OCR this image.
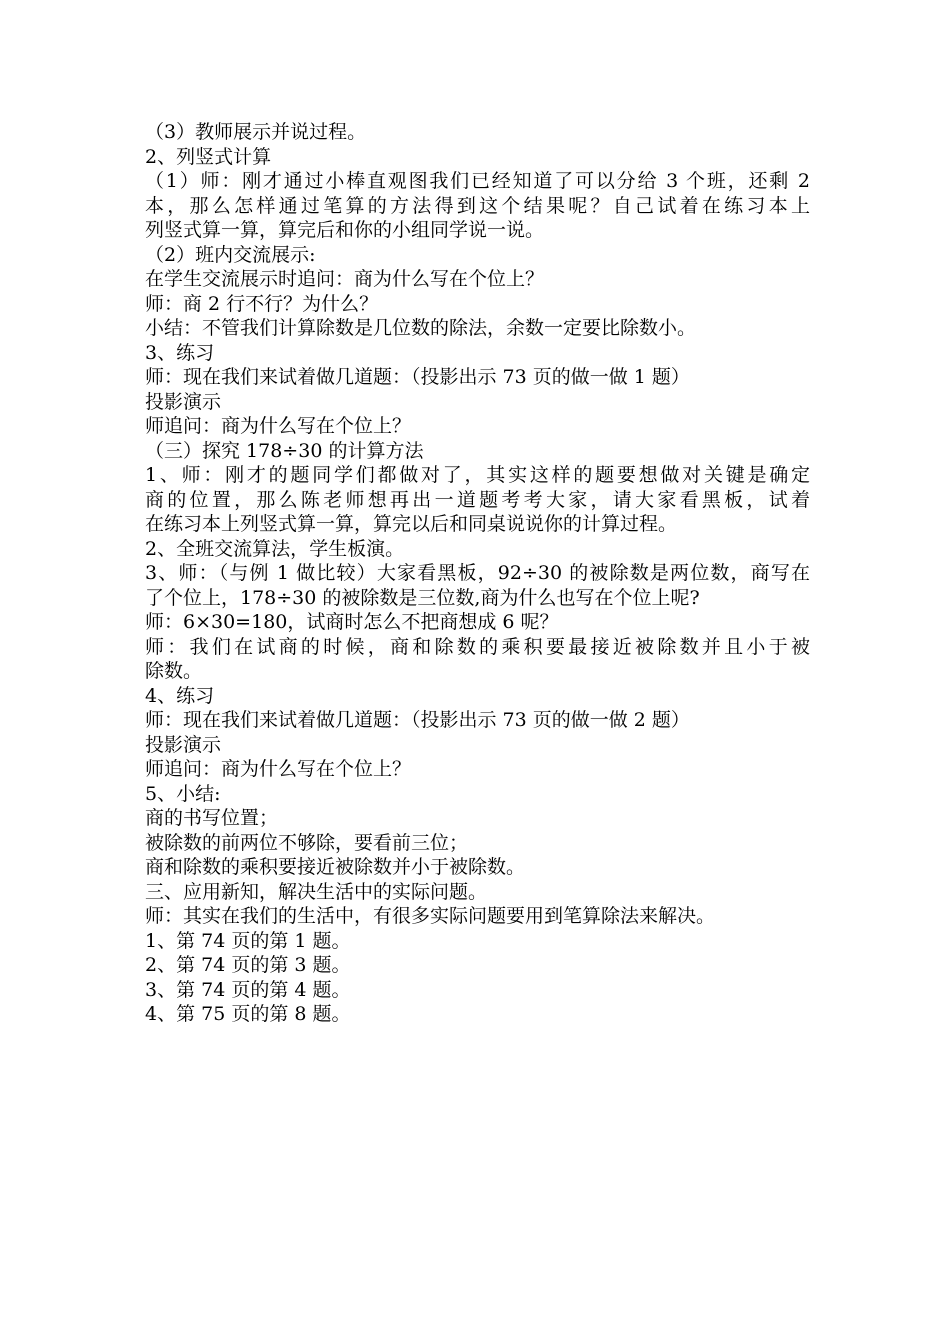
（3）教师展示并说过程。

2、列竖式计算

（1）师：刚才通过小棒直观图我们已经知道了可以分给 3 个班，还剩 2

本，那么怎样通过笔算的方法得到这个结果呢？自己试着在练习本上

列竖式算一算，算完后和你的小组同学说一说。

（2）班内交流展示:

在学生交流展示时追问：商为什么写在个位上？

师：商 2 行不行？为什么？

小结：不管我们计算除数是几位数的除法，余数一定要比除数小。

3、练习

师：现在我们来试着做几道题：（投影出示 73 页的做一做 1 题）

投影演示

师追问：商为什么写在个位上？

（三）探究 178÷30 的计算方法

1、师：刚才的题同学们都做对了，其实这样的题要想做对关键是确定

商的位置，那么陈老师想再出一道题考考大家，请大家看黑板，试着

在练习本上列竖式算一算，算完以后和同桌说说你的计算过程。

2、全班交流算法，学生板演。

3、师：（与例 1 做比较）大家看黑板，92÷30 的被除数是两位数，商写在

了个位上，178÷30 的被除数是三位数,商为什么也写在个位上呢?

师：6×30=180，试商时怎么不把商想成 6 呢？

师：我们在试商的时候，商和除数的乘积要最接近被除数并且小于被

除数。

4、练习

师：现在我们来试着做几道题：（投影出示 73 页的做一做 2 题）

投影演示

师追问：商为什么写在个位上？

5、小结:

商的书写位置；

被除数的前两位不够除，要看前三位；

商和除数的乘积要接近被除数并小于被除数。

三、应用新知，解决生活中的实际问题。

师：其实在我们的生活中，有很多实际问题要用到笔算除法来解决。

1、第 74 页的第 1 题。

2、第 74 页的第 3 题。

3、第 74 页的第 4 题。

4、第 75 页的第 8 题。
